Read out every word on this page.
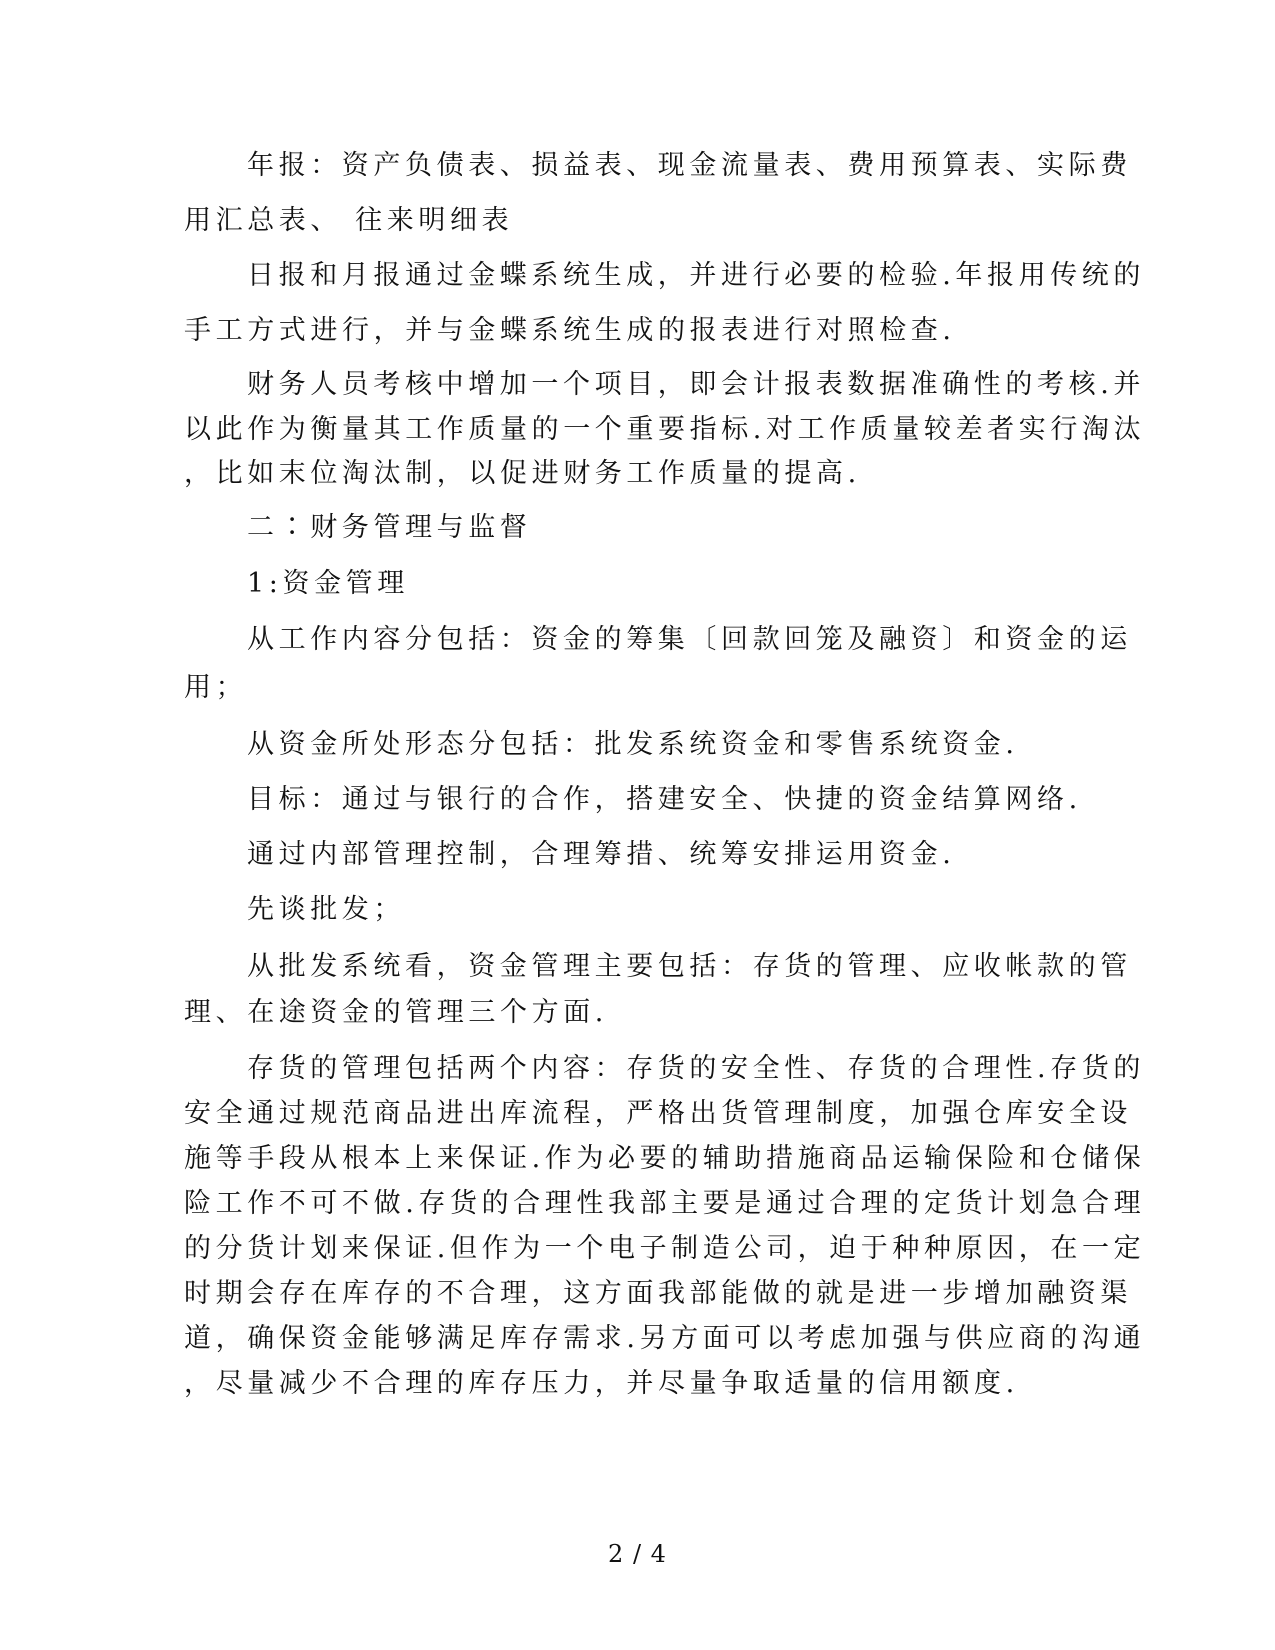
年报：资产负债表、损益表、现金流量表、费用预算表、实际费
用汇总表、 往来明细表
日报和月报通过金蝶系统生成，并进行必要的检验.年报用传统的
手工方式进行，并与金蝶系统生成的报表进行对照检查.
财务人员考核中增加一个项目，即会计报表数据准确性的考核.并
以此作为衡量其工作质量的一个重要指标.对工作质量较差者实行淘汰
，比如末位淘汰制，以促进财务工作质量的提高.
二∶财务管理与监督
1:资金管理
从工作内容分包括：资金的筹集〔回款回笼及融资〕和资金的运
用；
从资金所处形态分包括：批发系统资金和零售系统资金.
目标：通过与银行的合作，搭建安全、快捷的资金结算网络.
通过内部管理控制，合理筹措、统筹安排运用资金.
先谈批发；
从批发系统看，资金管理主要包括：存货的管理、应收帐款的管
理、在途资金的管理三个方面.
存货的管理包括两个内容：存货的安全性、存货的合理性.存货的
安全通过规范商品进出库流程，严格出货管理制度，加强仓库安全设
施等手段从根本上来保证.作为必要的辅助措施商品运输保险和仓储保
险工作不可不做.存货的合理性我部主要是通过合理的定货计划急合理
的分货计划来保证.但作为一个电子制造公司，迫于种种原因，在一定
时期会存在库存的不合理，这方面我部能做的就是进一步增加融资渠
道，确保资金能够满足库存需求.另方面可以考虑加强与供应商的沟通
，尽量减少不合理的库存压力，并尽量争取适量的信用额度.
2 / 4
